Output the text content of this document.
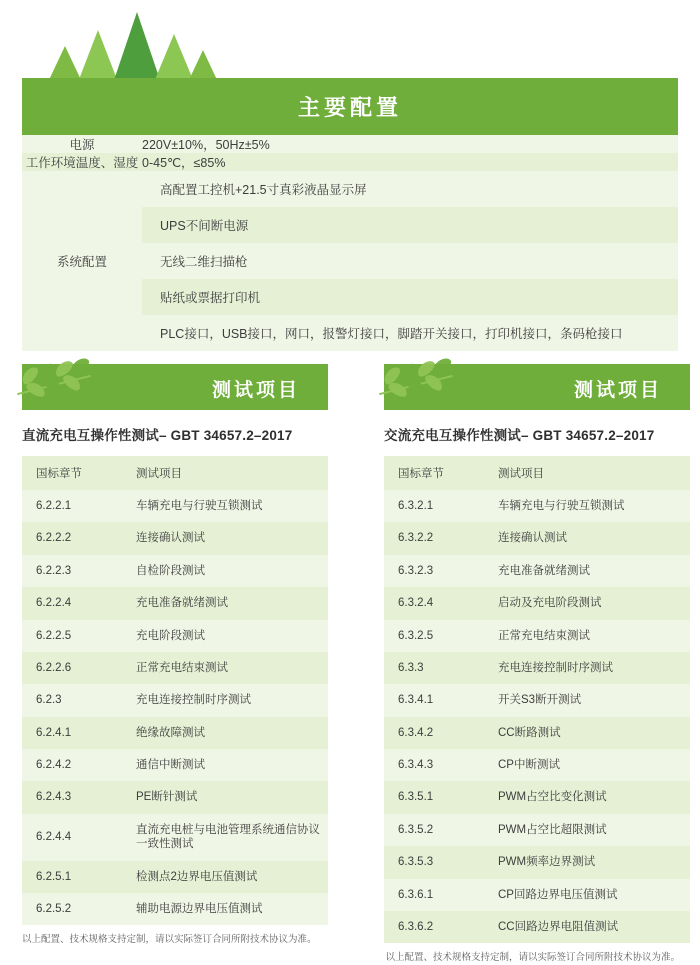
主要配置
电源	220V±10%，50Hz±5%
工作环境温度、湿度	0-45℃，≤85%
系统配置	高配置工控机+21.5寸真彩液晶显示屏
UPS不间断电源
无线二维扫描枪
贴纸或票据打印机
PLC接口，USB接口，网口，报警灯接口，脚踏开关接口，打印机接口，条码枪接口
测试项目
直流充电互操作性测试– GBT 34657.2–2017
国标章节	测试项目
6.2.2.1	车辆充电与行驶互锁测试
6.2.2.2	连接确认测试
6.2.2.3	自检阶段测试
6.2.2.4	充电准备就绪测试
6.2.2.5	充电阶段测试
6.2.2.6	正常充电结束测试
6.2.3	充电连接控制时序测试
6.2.4.1	绝缘故障测试
6.2.4.2	通信中断测试
6.2.4.3	PE断针测试
6.2.4.4	直流充电桩与电池管理系统通信协议一致性测试
6.2.5.1	检测点2边界电压值测试
6.2.5.2	辅助电源边界电压值测试
以上配置、技术规格支持定制，请以实际签订合同所附技术协议为准。
测试项目
交流充电互操作性测试– GBT 34657.2–2017
国标章节	测试项目
6.3.2.1	车辆充电与行驶互锁测试
6.3.2.2	连接确认测试
6.3.2.3	充电准备就绪测试
6.3.2.4	启动及充电阶段测试
6.3.2.5	正常充电结束测试
6.3.3	充电连接控制时序测试
6.3.4.1	开关S3断开测试
6.3.4.2	CC断路测试
6.3.4.3	CP中断测试
6.3.5.1	PWM占空比变化测试
6.3.5.2	PWM占空比超限测试
6.3.5.3	PWM频率边界测试
6.3.6.1	CP回路边界电压值测试
6.3.6.2	CC回路边界电阻值测试
以上配置、技术规格支持定制，请以实际签订合同所附技术协议为准。
